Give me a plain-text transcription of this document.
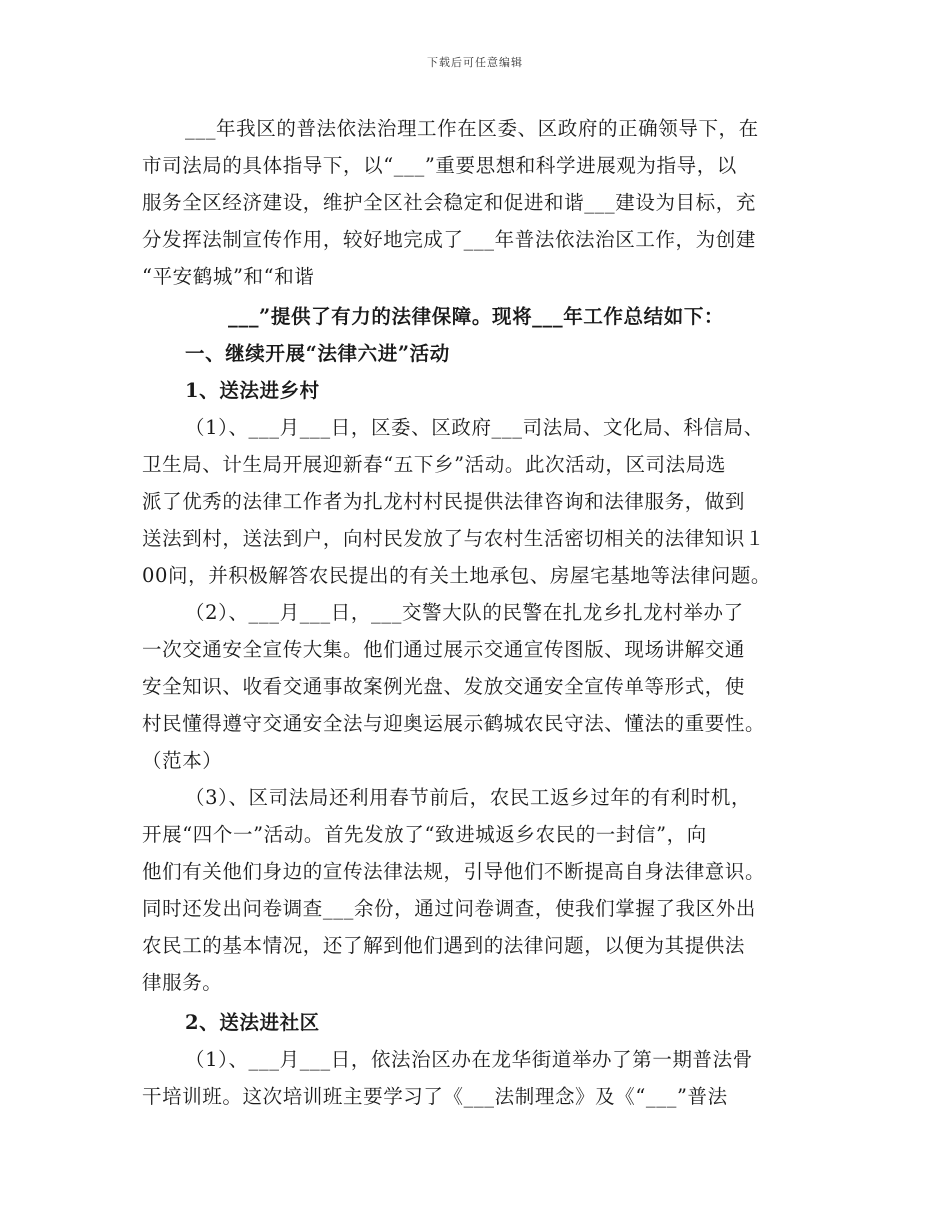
下载后可任意编辑
___年我区的普法依法治理工作在区委、区政府的正确领导下，在
市司法局的具体指导下，以“___”重要思想和科学进展观为指导，以
服务全区经济建设，维护全区社会稳定和促进和谐___建设为目标，充
分发挥法制宣传作用，较好地完成了___年普法依法治区工作，为创建
“平安鹤城”和“和谐
___”提供了有力的法律保障。现将___年工作总结如下：
一、继续开展“法律六进”活动
1、送法进乡村
（1）、___月___日，区委、区政府___司法局、文化局、科信局、
卫生局、计生局开展迎新春“五下乡”活动。此次活动，区司法局选
派了优秀的法律工作者为扎龙村村民提供法律咨询和法律服务，做到
送法到村，送法到户，向村民发放了与农村生活密切相关的法律知识１
00问，并积极解答农民提出的有关土地承包、房屋宅基地等法律问题。
（2）、___月___日，___交警大队的民警在扎龙乡扎龙村举办了
一次交通安全宣传大集。他们通过展示交通宣传图版、现场讲解交通
安全知识、收看交通事故案例光盘、发放交通安全宣传单等形式，使
村民懂得遵守交通安全法与迎奥运展示鹤城农民守法、懂法的重要性。
（范本）
（3）、区司法局还利用春节前后，农民工返乡过年的有利时机，
开展“四个一”活动。首先发放了“致进城返乡农民的一封信”，向
他们有关他们身边的宣传法律法规，引导他们不断提高自身法律意识。
同时还发出问卷调查___余份，通过问卷调查，使我们掌握了我区外出
农民工的基本情况，还了解到他们遇到的法律问题，以便为其提供法
律服务。
2、送法进社区
（1）、___月___日，依法治区办在龙华街道举办了第一期普法骨
干培训班。这次培训班主要学习了《___法制理念》及《“___”普法
